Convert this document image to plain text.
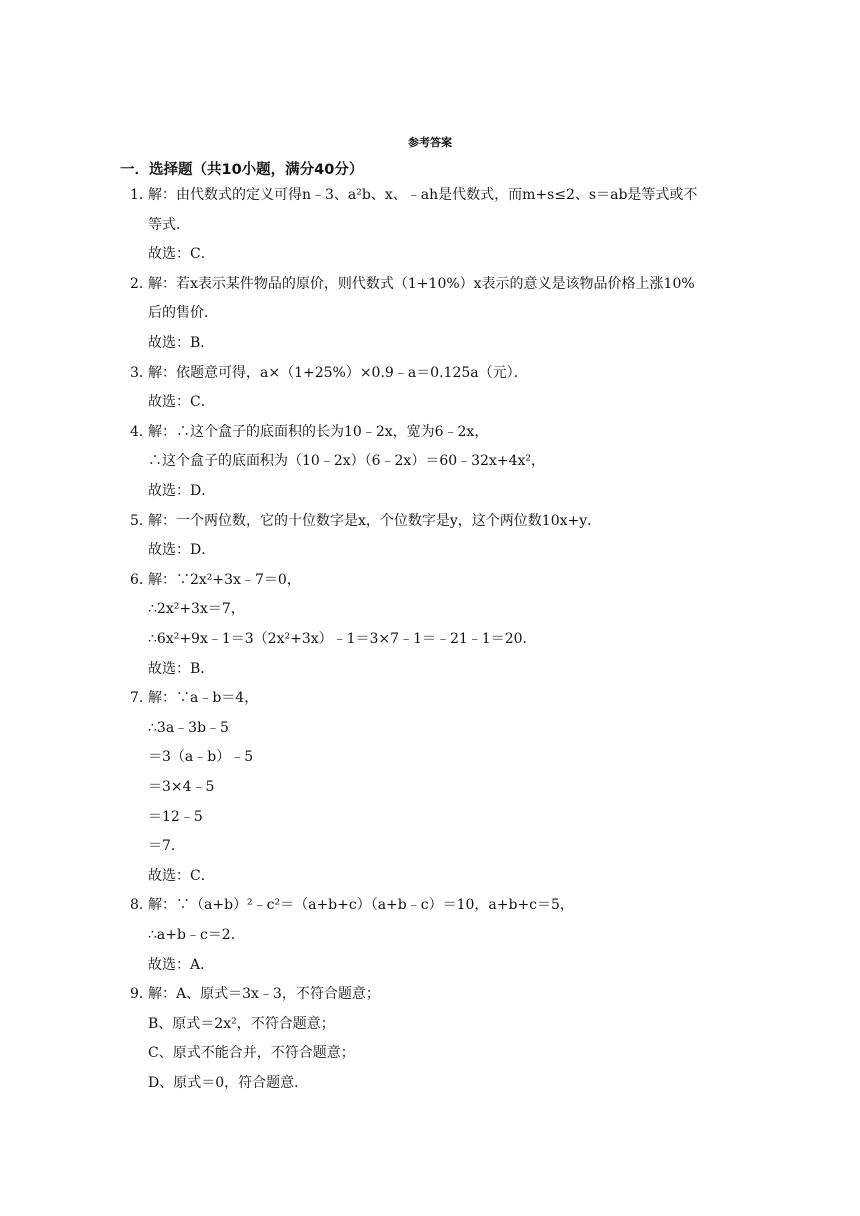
参考答案
一．选择题（共10小题，满分40分）
1．
解：由代数式的定义可得n﹣3、a²b、x、﹣ah是代数式，而m+s≤2、s＝ab是等式或不
等式．
故选：C．
2．
解：若x表示某件物品的原价，则代数式（1+10%）x表示的意义是该物品价格上涨10%
后的售价．
故选：B．
3．
解：依题意可得，a×（1+25%）×0.9﹣a＝0.125a（元）．
故选：C．
4．
解：∴这个盒子的底面积的长为10﹣2x，宽为6﹣2x，
∴这个盒子的底面积为（10﹣2x）（6﹣2x）＝60﹣32x+4x²，
故选：D．
5．
解：一个两位数，它的十位数字是x，个位数字是y，这个两位数10x+y．
故选：D．
6．
解：∵2x²+3x﹣7＝0，
∴2x²+3x＝7，
∴6x²+9x﹣1＝3（2x²+3x）﹣1＝3×7﹣1＝﹣21﹣1＝20．
故选：B．
7．
解：∵a﹣b＝4，
∴3a﹣3b﹣5
＝3（a﹣b）﹣5
＝3×4﹣5
＝12﹣5
＝7．
故选：C．
8．
解：∵（a+b）²﹣c²＝（a+b+c）（a+b﹣c）＝10，a+b+c＝5，
∴a+b﹣c＝2．
故选：A．
9．
解：A、原式＝3x﹣3，不符合题意；
B、原式＝2x²，不符合题意；
C、原式不能合并，不符合题意；
D、原式＝0，符合题意．
